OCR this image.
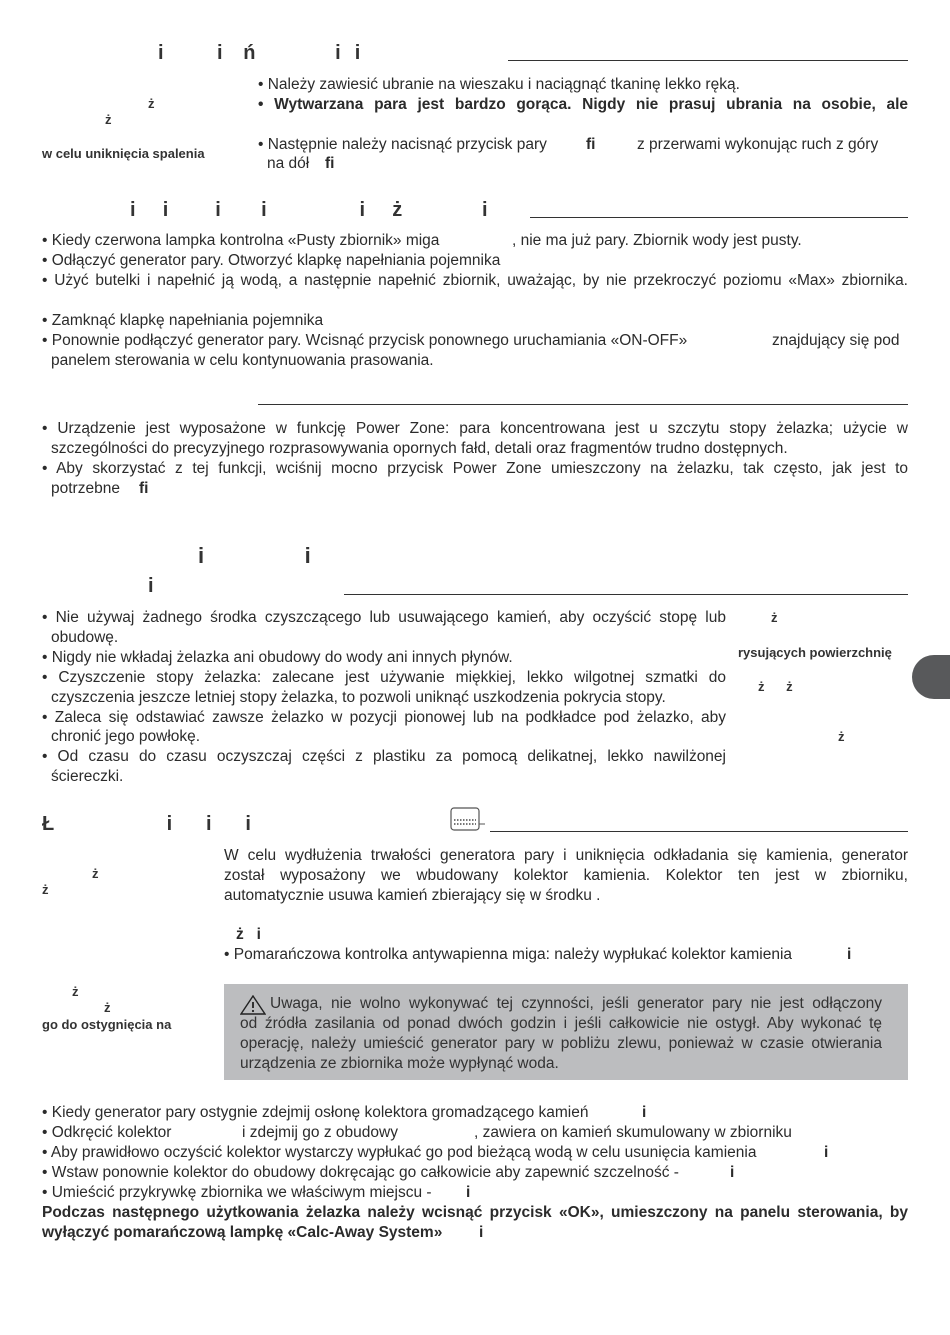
i        i   ń            i  i
ż
ż
w celu uniknięcia spalenia
• Należy zawiesić ubranie na wieszaku i naciągnąć tkaninę lekko ręką.
• Wytwarzana para jest bardzo gorąca. Nigdy nie prasuj ubrania na osobie, ale
• Następnie należy nacisnąć przycisk pary	fi	z przerwami wykonując ruch z góry
na dół fi
i    i       i      i              i    ż            i
• Kiedy czerwona lampka kontrolna «Pusty zbiornik» miga	, nie ma już pary. Zbiornik wody jest pusty.
• Odłączyć generator pary. Otworzyć klapkę napełniania pojemnika
• Użyć butelki i napełnić ją wodą, a następnie napełnić zbiornik, uważając, by nie przekroczyć poziomu «Max» zbiornika.
• Zamknąć klapkę napełniania pojemnika
• Ponownie podłączyć generator pary. Wcisnąć przycisk ponownego uruchamiania «ON-OFF»	znajdujący się pod
panelem sterowania w celu kontynuowania prasowania.
• Urządzenie jest wyposażone w funkcję Power Zone: para koncentrowana jest u szczytu stopy żelazka; użycie w
szczególności do precyzyjnego rozprasowywania opornych fałd, detali oraz fragmentów trudno dostępnych.
• Aby skorzystać z tej funkcji, wciśnij mocno przycisk Power Zone umieszczony na żelazku, tak często, jak jest to
potrzebne fi
i              i
i
• Nie używaj żadnego środka czyszczącego lub usuwającego kamień, aby oczyścić stopę lub
obudowę.
• Nigdy nie wkładaj żelazka ani obudowy do wody ani innych płynów.
• Czyszczenie stopy żelazka: zalecane jest używanie miękkiej, lekko wilgotnej szmatki do
czyszczenia jeszcze letniej stopy żelazka, to pozwoli uniknąć uszkodzenia pokrycia stopy.
• Zaleca się odstawiać zawsze żelazko w pozycji pionowej lub na podkładce pod żelazko, aby
chronić jego powłokę.
• Od czasu do czasu oczyszczaj części z plastiku za pomocą delikatnej, lekko nawilżonej
ściereczki.
ż
rysujących powierzchnię
ż      ż
ż
Ł                 i     i     i
ż
ż
ż
ż
go do ostygnięcia na
W celu wydłużenia trwałości generatora pary i uniknięcia odkładania się kamienia, generator
został wyposażony we wbudowany kolektor kamienia. Kolektor ten jest w zbiorniku,
automatycznie usuwa kamień zbierający się w środku .
ż   i
• Pomarańczowa kontrolka antywapienna miga: należy wypłukać kolektor kamienia	i
Uwaga, nie wolno wykonywać tej czynności, jeśli generator pary nie jest odłączony
od źródła zasilania od ponad dwóch godzin i jeśli całkowicie nie ostygł. Aby wykonać tę
operację, należy umieścić generator pary w pobliżu zlewu, ponieważ w czasie otwierania
urządzenia ze zbiornika może wypłynąć woda.
• Kiedy generator pary ostygnie zdejmij osłonę kolektora gromadzącego kamień	i
• Odkręcić kolektor	i zdejmij go z obudowy	, zawiera on kamień skumulowany w zbiorniku
• Aby prawidłowo oczyścić kolektor wystarczy wypłukać go pod bieżącą wodą w celu usunięcia kamienia	i
• Wstaw ponownie kolektor do obudowy dokręcając go całkowicie aby zapewnić szczelność -	i
• Umieścić przykrywkę zbiornika we właściwym miejscu - i
Podczas następnego użytkowania żelazka należy wcisnąć przycisk «OK», umieszczony na panelu sterowania, by
wyłączyć pomarańczową lampkę «Calc-Away System» i
